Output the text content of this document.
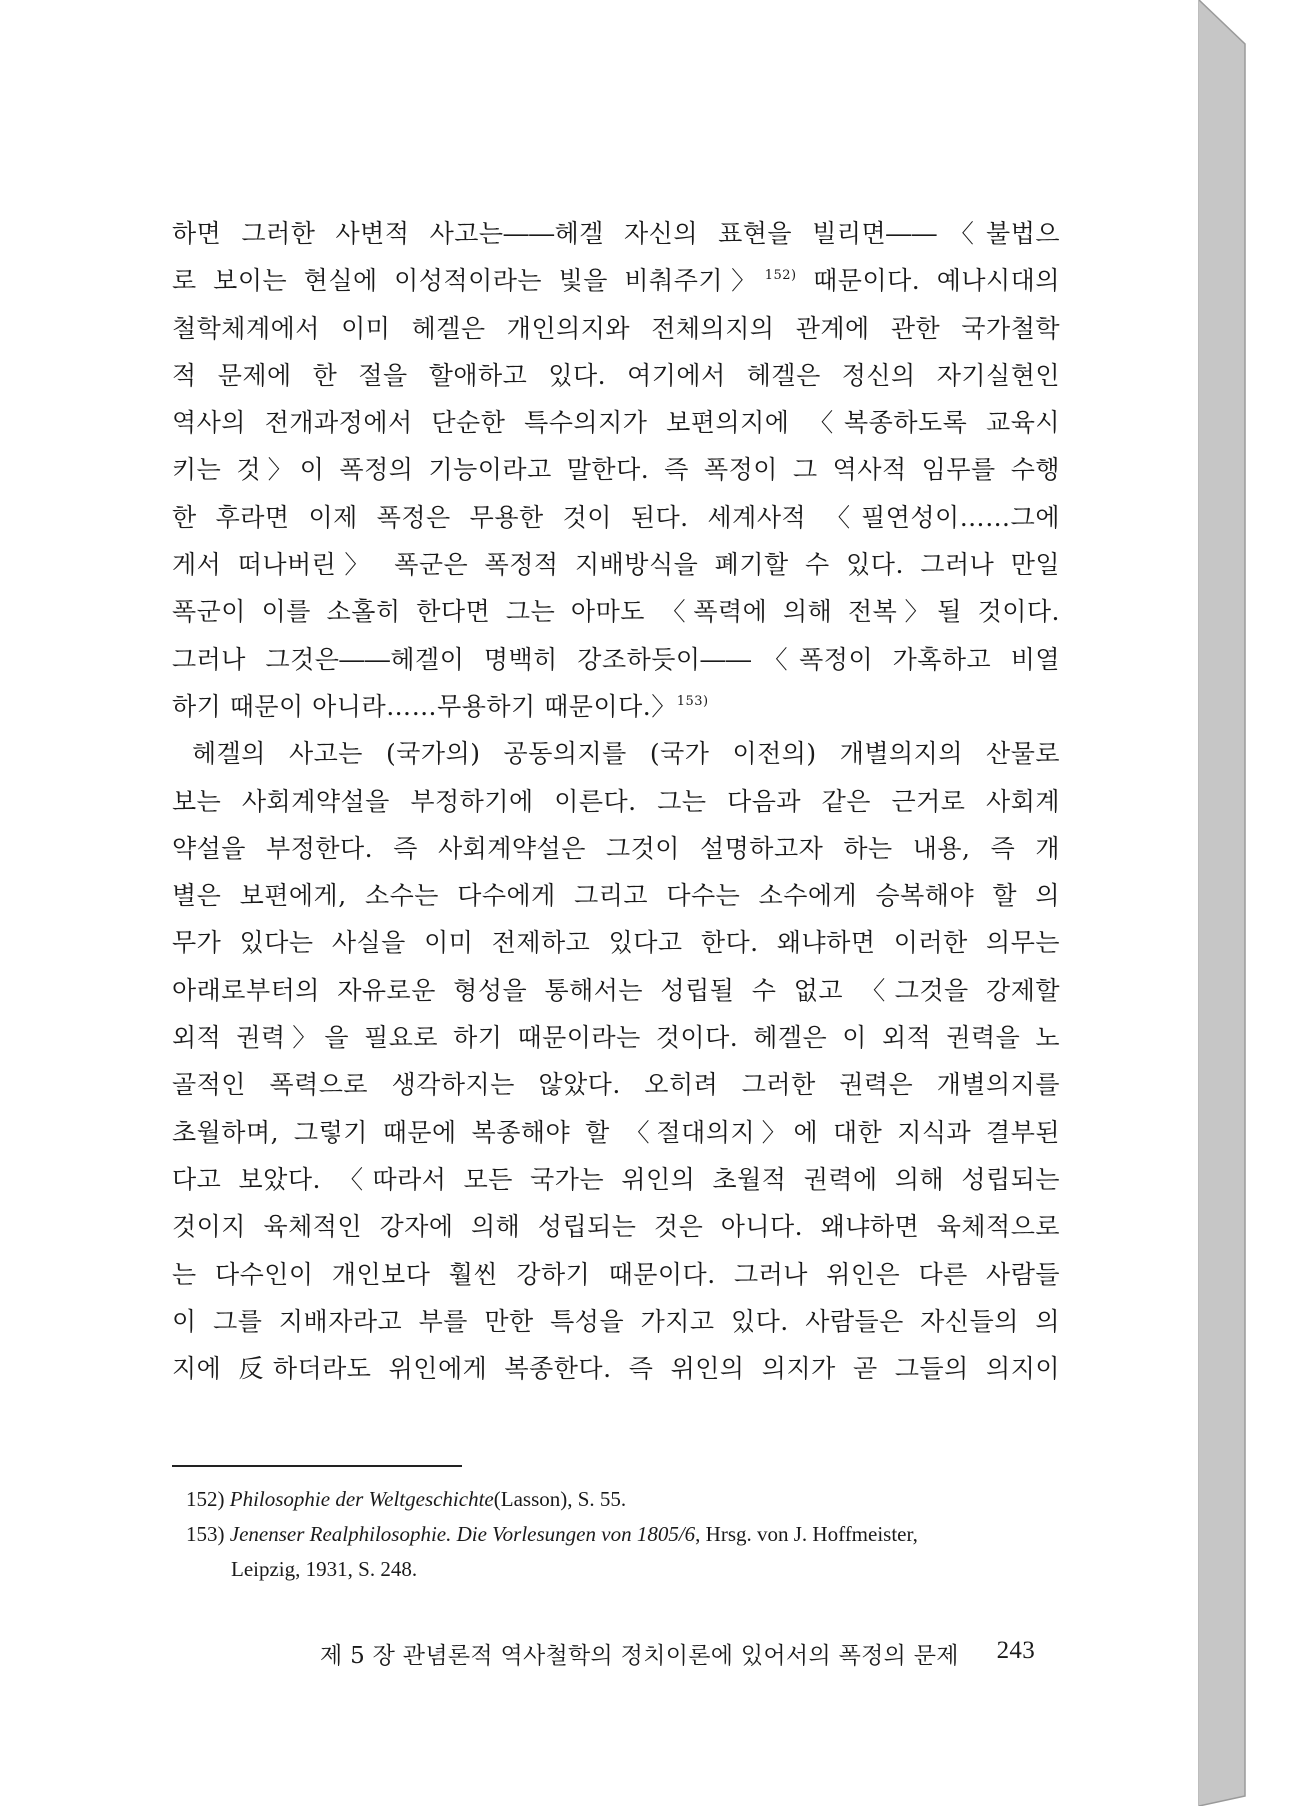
하면 그러한 사변적 사고는――헤겔 자신의 표현을 빌리면――〈불법으

로 보이는 현실에 이성적이라는 빛을 비춰주기〉$^{152)}$ 때문이다. 예나시대의

철학체계에서 이미 헤겔은 개인의지와 전체의지의 관계에 관한 국가철학

적 문제에 한 절을 할애하고 있다. 여기에서 헤겔은 정신의 자기실현인

역사의 전개과정에서 단순한 특수의지가 보편의지에 〈복종하도록 교육시

키는 것〉이 폭정의 기능이라고 말한다. 즉 폭정이 그 역사적 임무를 수행

한 후라면 이제 폭정은 무용한 것이 된다. 세계사적 〈필연성이……그에

게서 떠나버린〉 폭군은 폭정적 지배방식을 폐기할 수 있다. 그러나 만일

폭군이 이를 소홀히 한다면 그는 아마도 〈폭력에 의해 전복〉될 것이다.

그러나 그것은――헤겔이 명백히 강조하듯이――〈폭정이 가혹하고 비열

하기 때문이 아니라……무용하기 때문이다.〉$^{153)}$

헤겔의 사고는 (국가의) 공동의지를 (국가 이전의) 개별의지의 산물로

보는 사회계약설을 부정하기에 이른다. 그는 다음과 같은 근거로 사회계

약설을 부정한다. 즉 사회계약설은 그것이 설명하고자 하는 내용, 즉 개

별은 보편에게, 소수는 다수에게 그리고 다수는 소수에게 승복해야 할 의

무가 있다는 사실을 이미 전제하고 있다고 한다. 왜냐하면 이러한 의무는

아래로부터의 자유로운 형성을 통해서는 성립될 수 없고 〈그것을 강제할

외적 권력〉을 필요로 하기 때문이라는 것이다. 헤겔은 이 외적 권력을 노

골적인 폭력으로 생각하지는 않았다. 오히려 그러한 권력은 개별의지를

초월하며, 그렇기 때문에 복종해야 할 〈절대의지〉에 대한 지식과 결부된

다고 보았다. 〈따라서 모든 국가는 위인의 초월적 권력에 의해 성립되는

것이지 육체적인 강자에 의해 성립되는 것은 아니다. 왜냐하면 육체적으로

는 다수인이 개인보다 훨씬 강하기 때문이다. 그러나 위인은 다른 사람들

이 그를 지배자라고 부를 만한 특성을 가지고 있다. 사람들은 자신들의 의

지에 反하더라도 위인에게 복종한다. 즉 위인의 의지가 곧 그들의 의지이

152) Philosophie der Weltgeschichte(Lasson), S. 55.

153) Jenenser Realphilosophie. Die Vorlesungen von 1805/6, Hrsg. von J. Hoffmeister,

Leipzig, 1931, S. 248.

제 5 장 관념론적 역사철학의 정치이론에 있어서의 폭정의 문제 243
